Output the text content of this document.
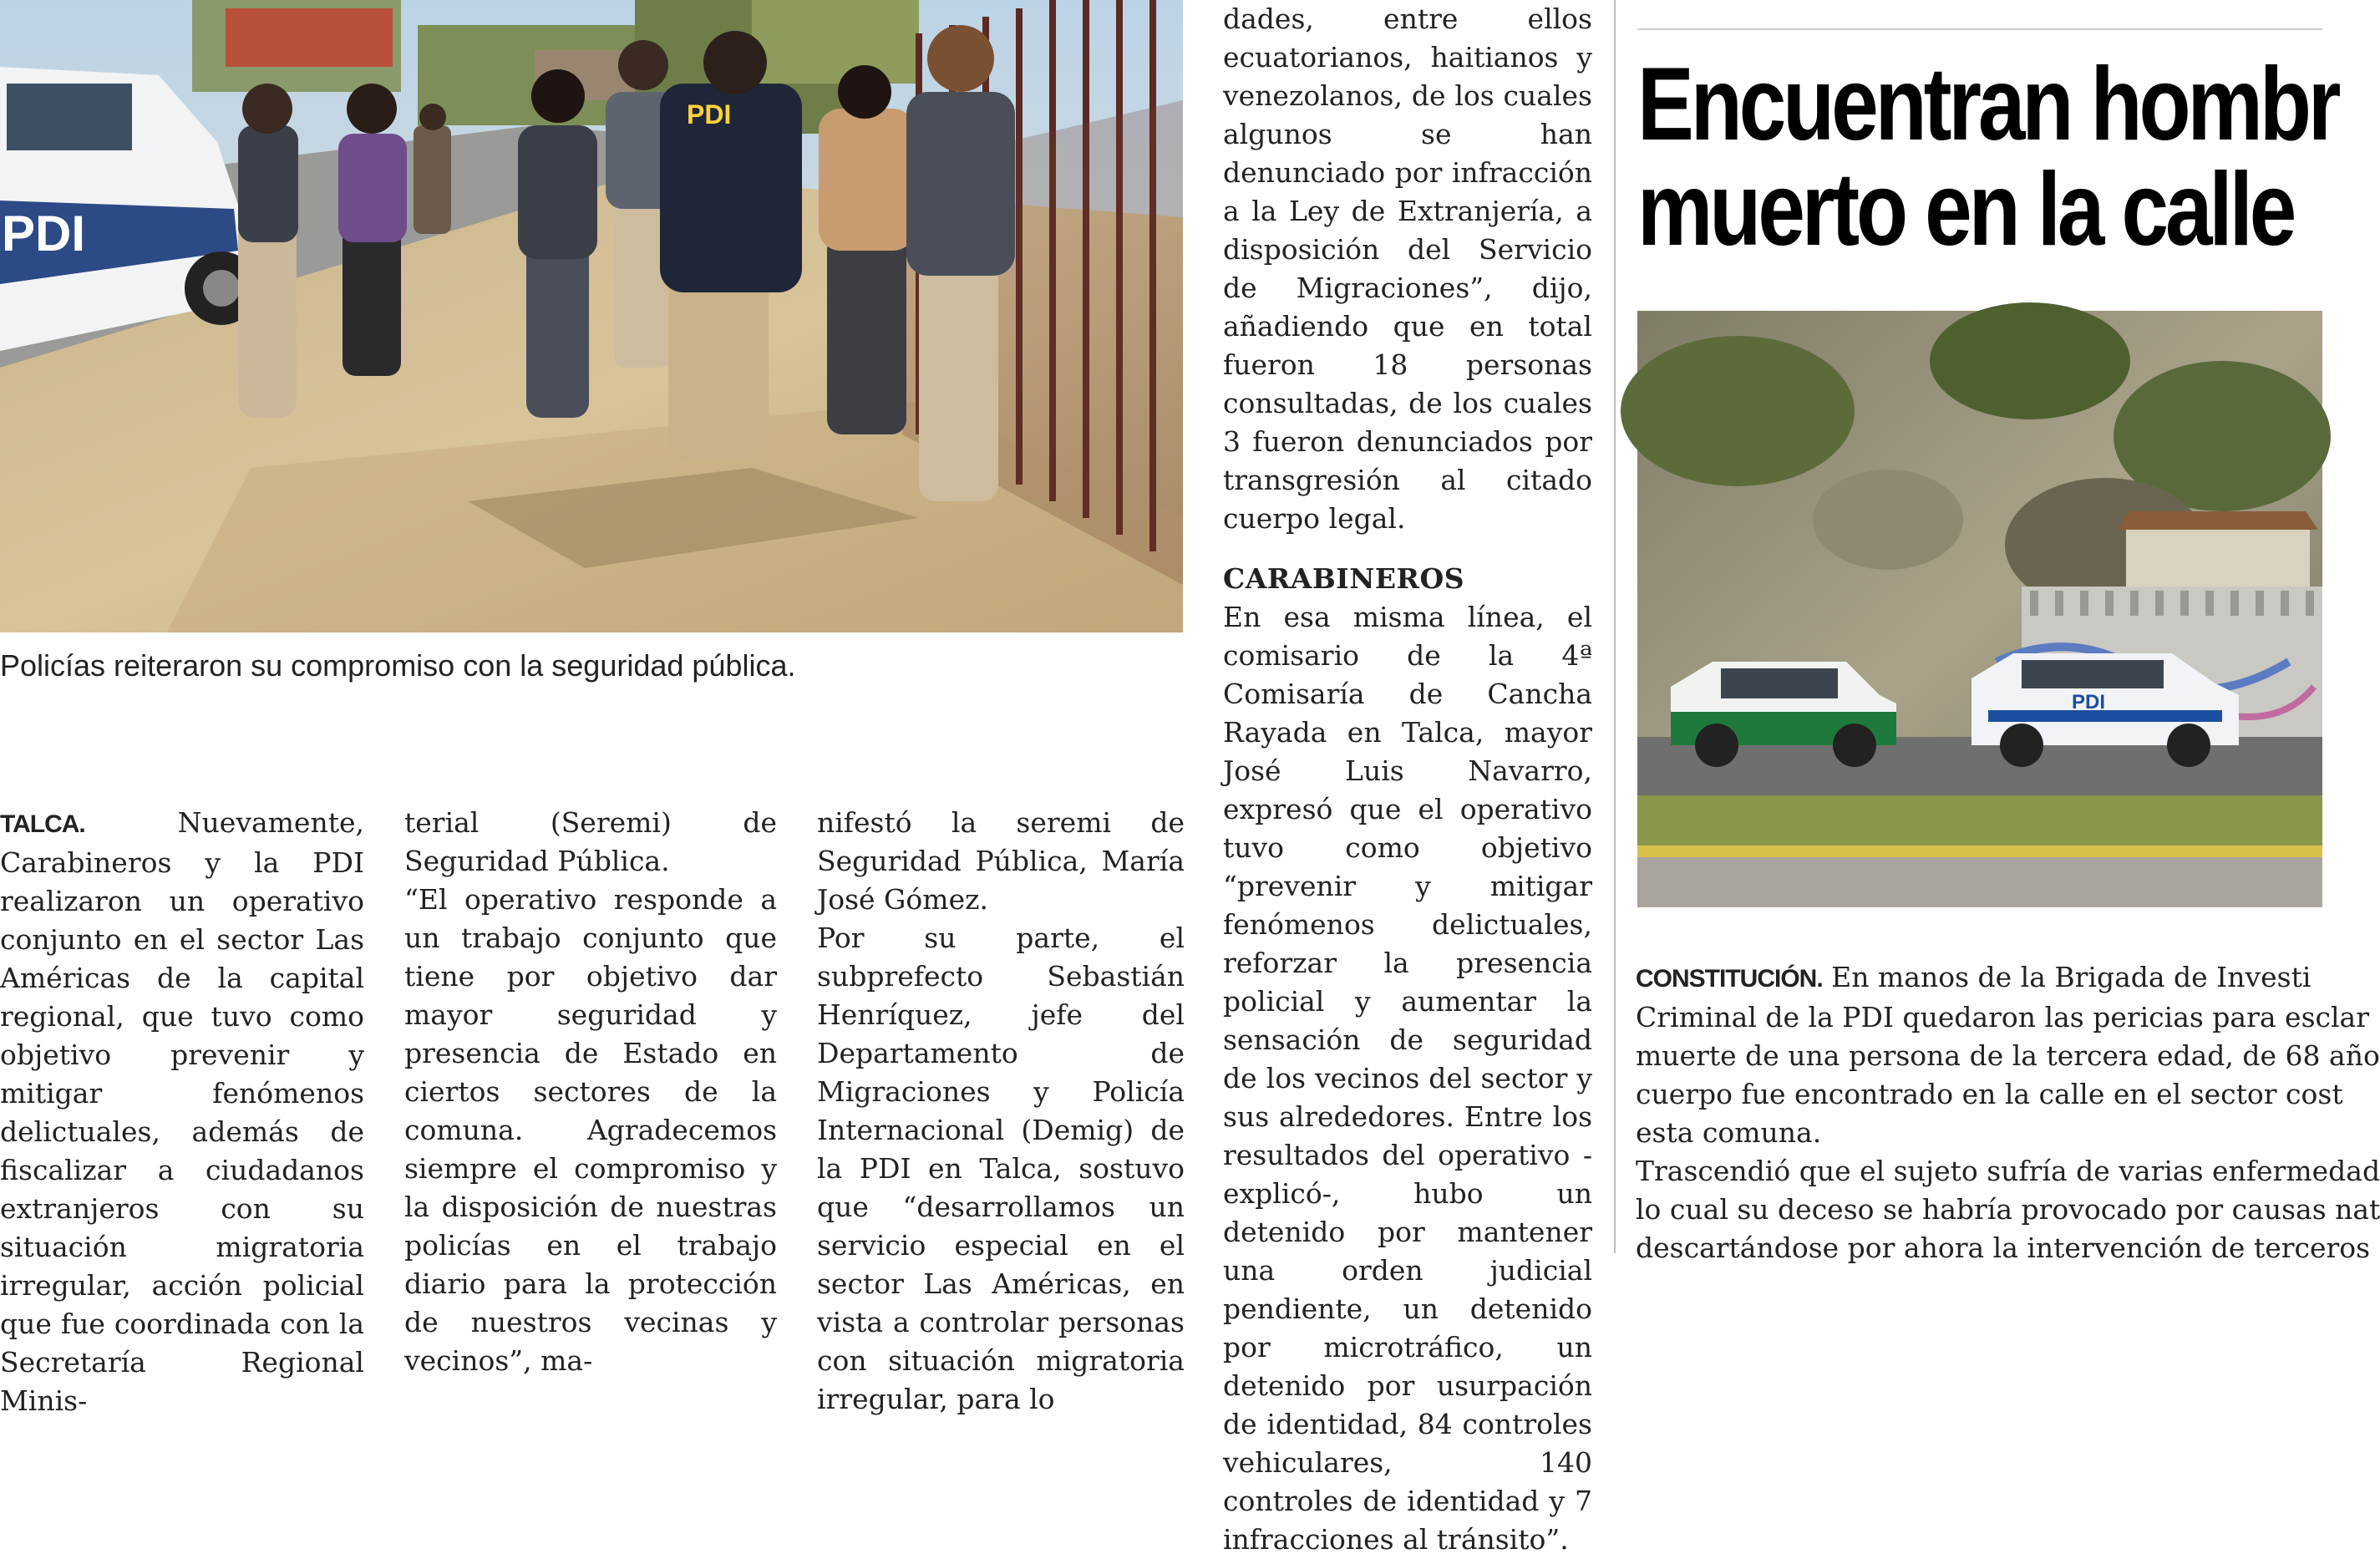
PDI
PDI
Policías reiteraron su compromiso con la seguridad pública.

TALCA. Nuevamente, Carabineros y la PDI realizaron un operativo conjunto en el sector Las Américas de la capital regional, que tuvo como objetivo prevenir y mitigar fenómenos delictuales, además de fiscalizar a ciudadanos extranjeros con su situación migratoria irregular, acción policial que fue coordinada con la Secretaría Regional Minis-

terial (Seremi) de Seguridad Pública.

“El operativo responde a un trabajo conjunto que tiene por objetivo dar mayor seguridad y presencia de Estado en ciertos sectores de la comuna. Agradecemos siempre el compromiso y la disposición de nuestras policías en el trabajo diario para la protección de nuestros vecinas y vecinos”, ma-

nifestó la seremi de Seguridad Pública, María José Gómez.

Por su parte, el subprefecto Sebastián Henríquez, jefe del Departamento de Migraciones y Policía Internacional (Demig) de la PDI en Talca, sostuvo que “desarrollamos un servicio especial en el sector Las Américas, en vista a controlar personas con situación migratoria irregular, para lo

dades, entre ellos ecuatorianos, haitianos y venezolanos, de los cuales algunos se han denunciado por infracción a la Ley de Extranjería, a disposición del Servicio de Migraciones”, dijo, añadiendo que en total fueron 18 personas consultadas, de los cuales 3 fueron denunciados por transgresión al citado cuerpo legal.

CARABINEROS

En esa misma línea, el comisario de la 4ª Comisaría de Cancha Rayada en Talca, mayor José Luis Navarro, expresó que el operativo tuvo como objetivo “prevenir y mitigar fenómenos delictuales, reforzar la presencia policial y aumentar la sensación de seguridad de los vecinos del sector y sus alrededores. Entre los resultados del operativo -explicó-, hubo un detenido por mantener una orden judicial pendiente, un detenido por microtráfico, un detenido por usurpación de identidad, 84 controles vehiculares, 140 controles de identidad y 7 infracciones al tránsito”.

Encuentran hombr
muerto en la calle
PDI

CONSTITUCIÓN. En manos de la Brigada de Investi

Criminal de la PDI quedaron las pericias para esclar

muerte de una persona de la tercera edad, de 68 año

cuerpo fue encontrado en la calle en el sector cost

esta comuna.

Trascendió que el sujeto sufría de varias enfermedad

lo cual su deceso se habría provocado por causas nat

descartándose por ahora la intervención de terceros
